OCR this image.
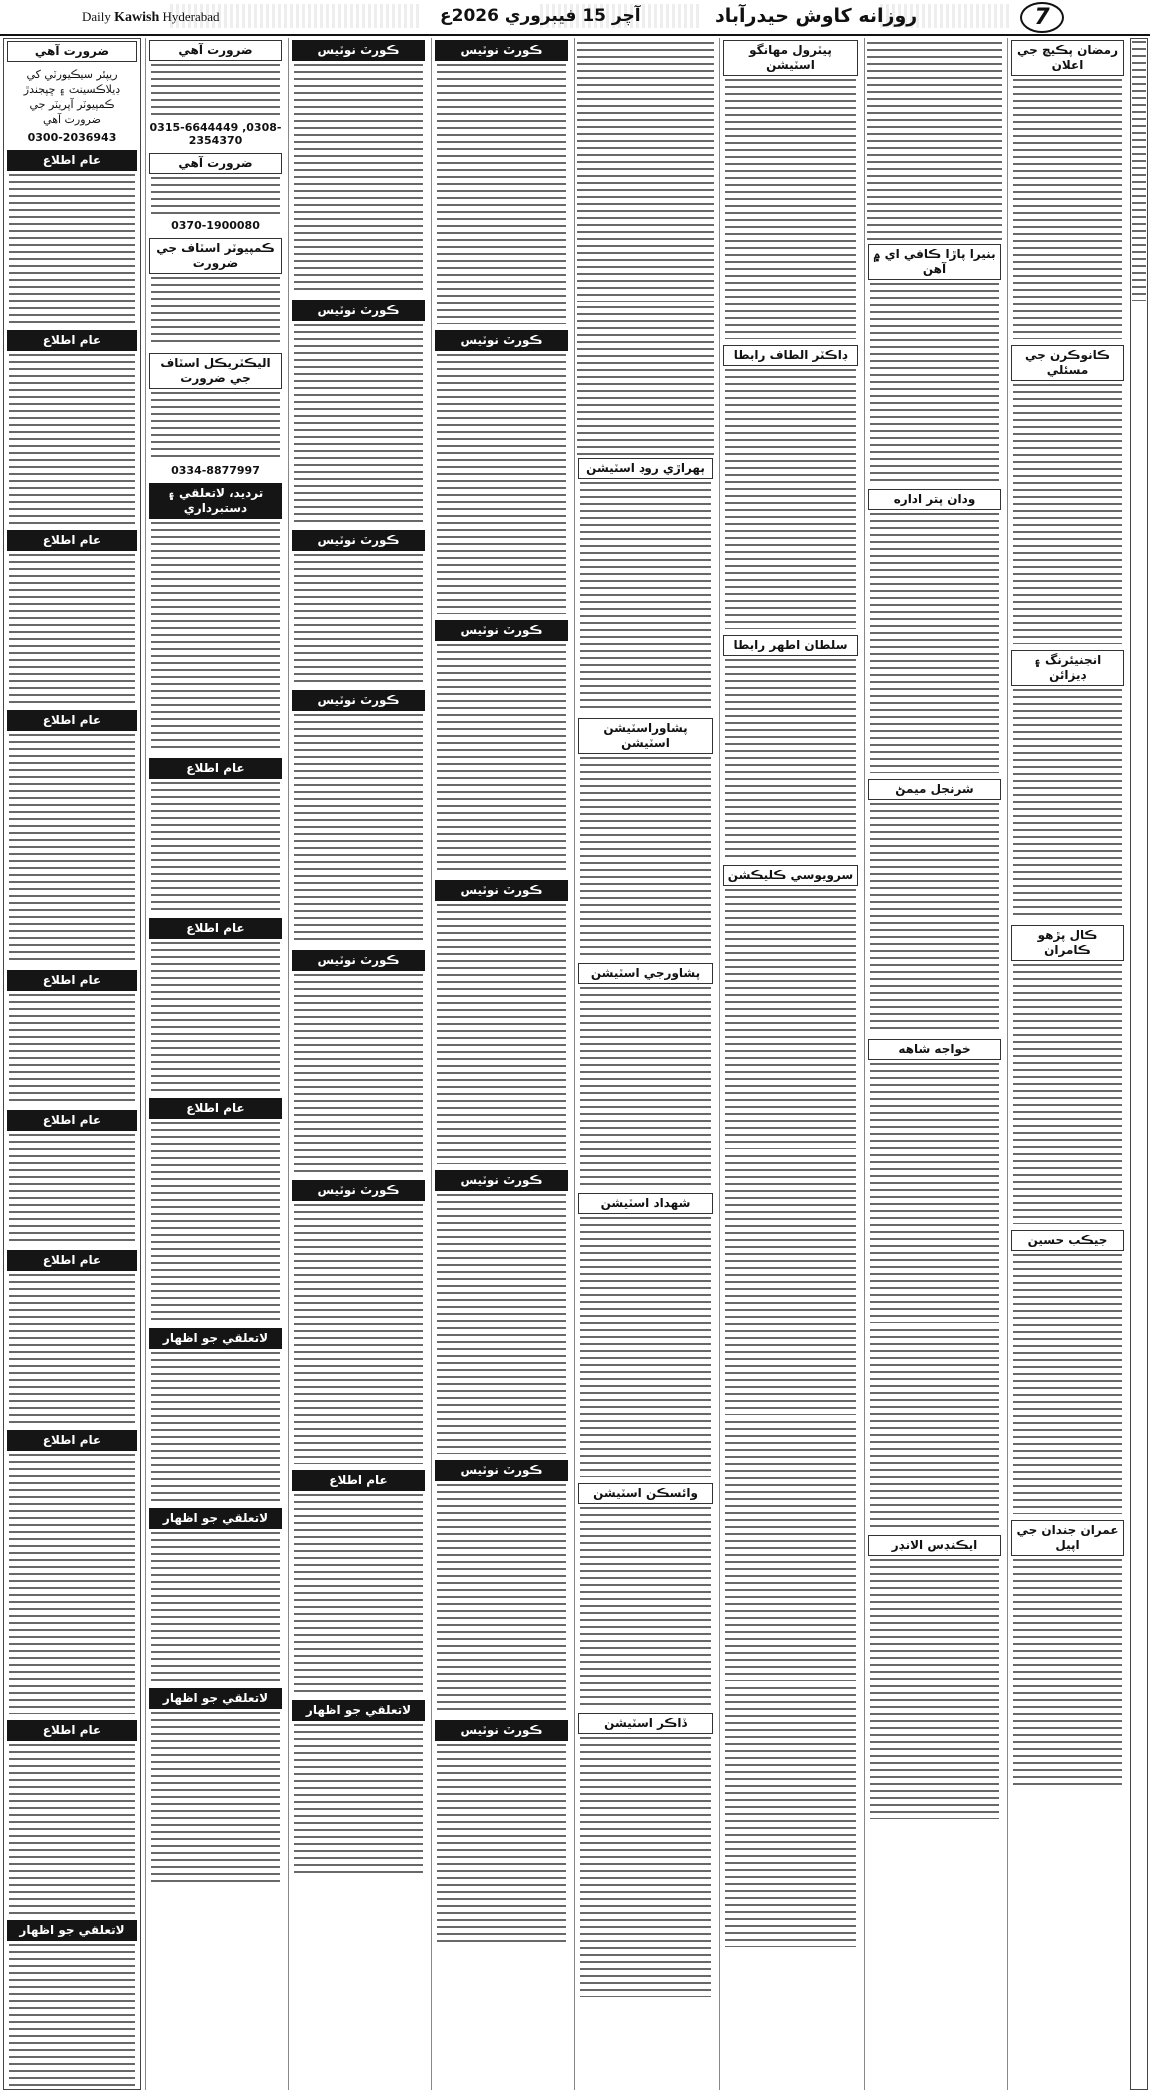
Daily Kawish Hyderabad	آچر 15 فيبروري 2026ع	روزانه کاوش حيدرآباد	7
ضرورت آهي
ريپئر سيڪيورٽي کي ڊيلاڪسينٽ ۽ ڇپجندڙ ڪمپيوٽر آپريٽر جي ضرورت آهي
0300-2036943
عام اطلاع
عام اطلاع
عام اطلاع
عام اطلاع
عام اطلاع
عام اطلاع
عام اطلاع
عام اطلاع
عام اطلاع
لاتعلقي جو اظهار
ضرورت آهي
0315-6644449 ,0308-2354370
ضرورت آهي
0370-1900080
ڪمپيوٽر اسٽاف جي ضرورت
اليڪٽريڪل اسٽاف جي ضرورت
0334-8877997
ترديد، لاتعلقي ۽ دستبرداري
عام اطلاع
عام اطلاع
عام اطلاع
لاتعلقي جو اظهار
لاتعلقي جو اظهار
لاتعلقي جو اظهار
ڪورٽ نوٽيس
ڪورٽ نوٽيس
ڪورٽ نوٽيس
ڪورٽ نوٽيس
ڪورٽ نوٽيس
ڪورٽ نوٽيس
عام اطلاع
لاتعلقي جو اظهار
ڪورٽ نوٽيس
ڪورٽ نوٽيس
ڪورٽ نوٽيس
ڪورٽ نوٽيس
ڪورٽ نوٽيس
ڪورٽ نوٽيس
ڪورٽ نوٽيس
ٻهراڙي روڊ اسٽيشن
پشاوراسٽيشن اسٽيشن
پشاورجي اسٽيشن
شهداد اسٽيشن
وائسڪن اسٽيشن
ڏاڪر اسٽيشن
پيٽرول مهانگو اسٽيشن
ڊاڪٽر الطاف رابطا
سلطان اطهر رابطا
سرويوسي ڪليڪشن
بنيرا پاڙا ڪافي اي ۾ آهن
ودان پتر اداره
شرنجل ميمڻ
خواجه شاهه
ايڪنڊس الانڊر
رمضان پڪيچ جي اعلان
ڪانوڪرن جي مسئلي
انجنيئرنگ ۽ ڊيزائن
ڪال پڙهو ڪامران
جيڪب حسين
عمران جندان جي اپيل
